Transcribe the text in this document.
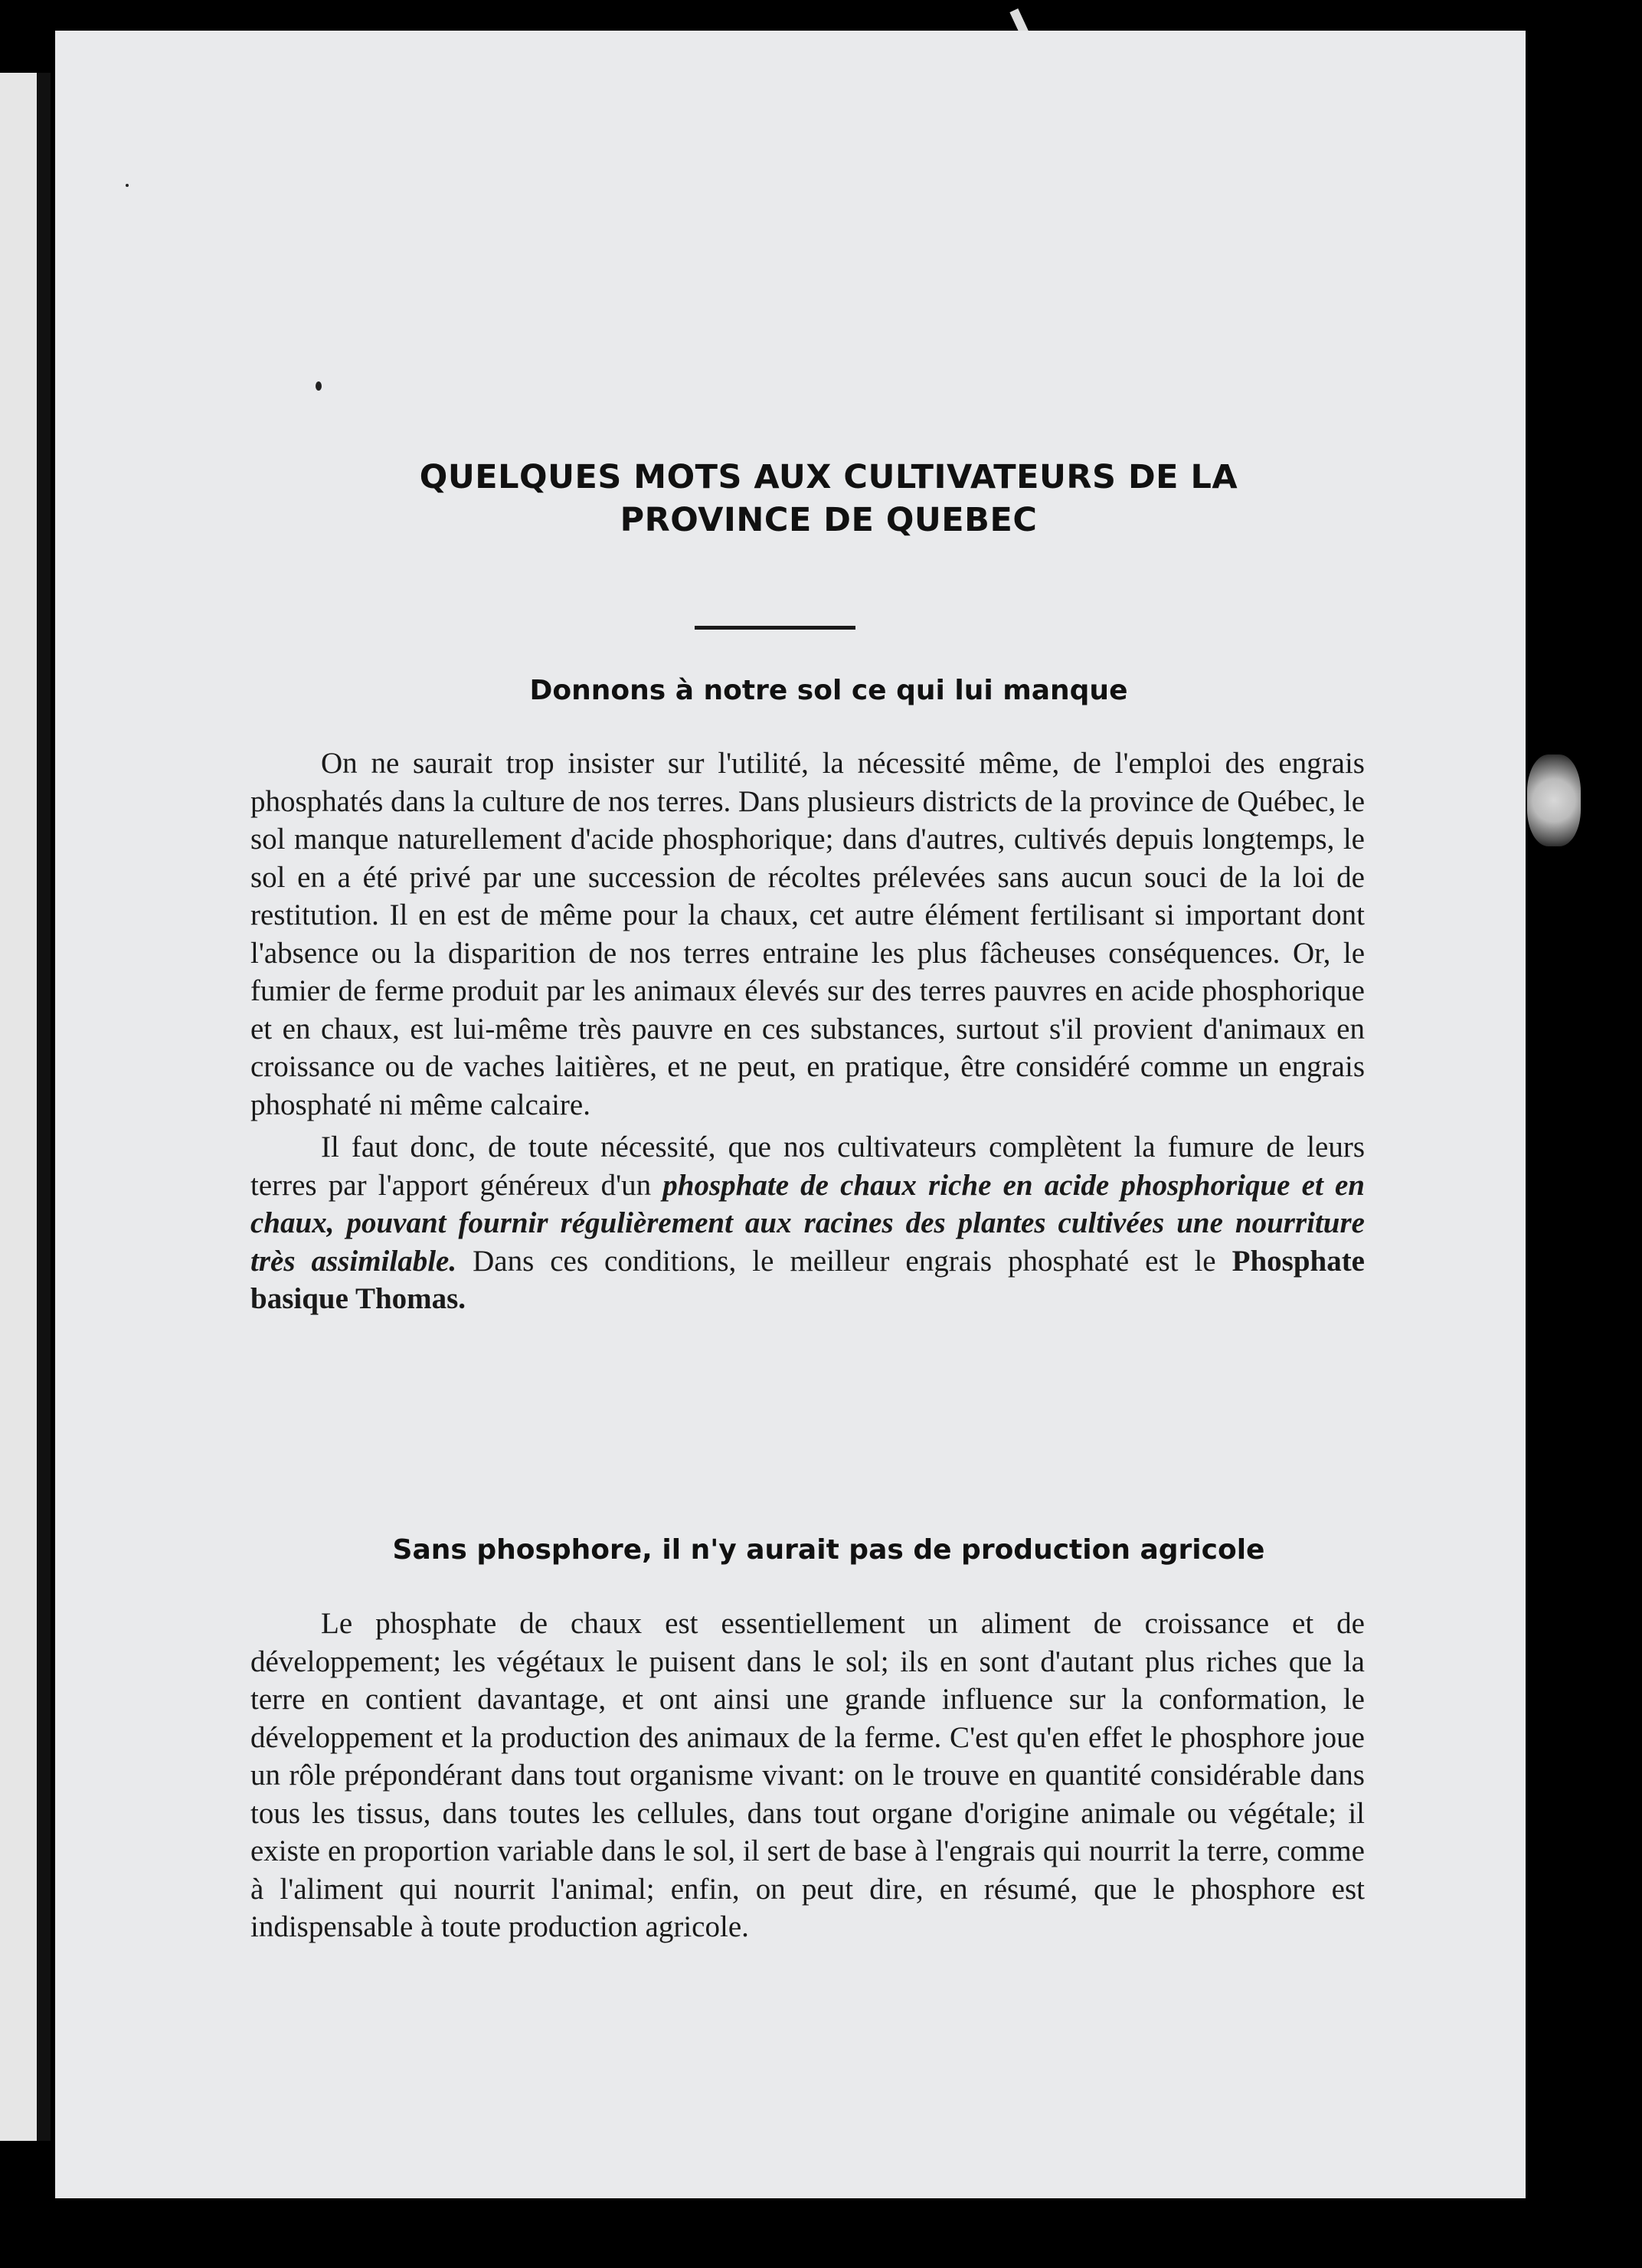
QUELQUES MOTS AUX CULTIVATEURS DE LA
PROVINCE DE QUEBEC
Donnons à notre sol ce qui lui manque

On ne saurait trop insister sur l'utilité, la nécessité même, de l'emploi des engrais phosphatés dans la culture de nos terres. Dans plusieurs districts de la province de Québec, le sol manque naturellement d'acide phosphorique; dans d'autres, cultivés depuis longtemps, le sol en a été privé par une succession de récoltes prélevées sans aucun souci de la loi de restitution. Il en est de même pour la chaux, cet autre élément fertilisant si important dont l'absence ou la disparition de nos terres entraine les plus fâcheuses conséquences. Or, le fumier de ferme produit par les animaux élevés sur des terres pauvres en acide phosphorique et en chaux, est lui-même très pauvre en ces substances, surtout s'il provient d'animaux en croissance ou de vaches laitières, et ne peut, en pratique, être considéré comme un engrais phosphaté ni même calcaire.

Il faut donc, de toute nécessité, que nos cultivateurs complètent la fumure de leurs terres par l'apport généreux d'un phosphate de chaux riche en acide phosphorique et en chaux, pouvant fournir régulièrement aux racines des plantes cultivées une nourriture très assimilable. Dans ces conditions, le meilleur engrais phosphaté est le Phosphate basique Thomas.

Sans phosphore, il n'y aurait pas de production agricole

Le phosphate de chaux est essentiellement un aliment de croissance et de développement; les végétaux le puisent dans le sol; ils en sont d'autant plus riches que la terre en contient davantage, et ont ainsi une grande influence sur la conformation, le développement et la production des animaux de la ferme. C'est qu'en effet le phosphore joue un rôle prépondérant dans tout organisme vivant: on le trouve en quantité considérable dans tous les tissus, dans toutes les cellules, dans tout organe d'origine animale ou végétale; il existe en proportion variable dans le sol, il sert de base à l'engrais qui nourrit la terre, comme à l'aliment qui nourrit l'animal; enfin, on peut dire, en résumé, que le phosphore est indispensable à toute production agricole.
